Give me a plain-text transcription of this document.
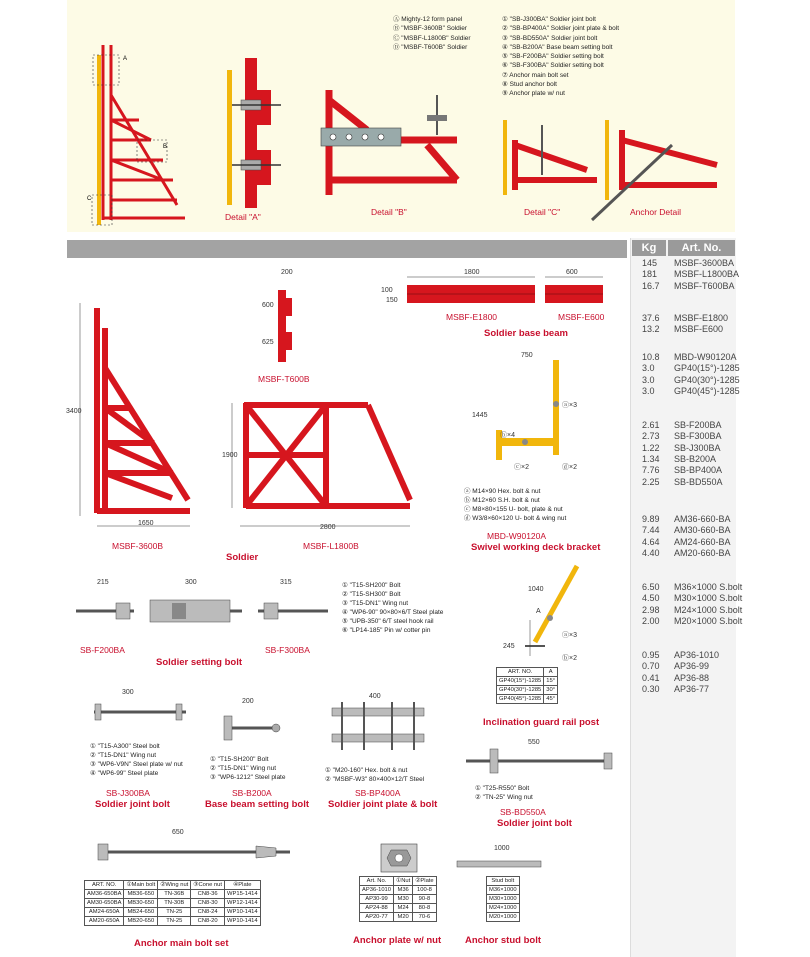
Kg	Art. No.
145	MSBF-3600BA
181	MSBF-L1800BA
16.7	MSBF-T600BA
37.6	MSBF-E1800
13.2	MSBF-E600
10.8	MBD-W90120A
3.0	GP40(15°)-1285
3.0	GP40(30°)-1285
3.0	GP40(45°)-1285
2.61	SB-F200BA
2.73	SB-F300BA
1.22	SB-J300BA
1.34	SB-B200A
7.76	SB-BP400A
2.25	SB-BD550A
9.89	AM36-660-BA
7.44	AM30-660-BA
4.64	AM24-660-BA
4.40	AM20-660-BA
6.50	M36×1000 S.bolt
4.50	M30×1000 S.bolt
2.98	M24×1000 S.bolt
2.00	M20×1000 S.bolt
0.95	AP36-1010
0.70	AP36-99
0.41	AP36-88
0.30	AP36-77
Ⓐ Mighty-12 form panel
Ⓑ "MSBF-3600B" Soldier
Ⓒ "MSBF-L1800B" Soldier
Ⓓ "MSBF-T600B" Soldier
① "SB-J300BA" Soldier joint bolt
② "SB-BP400A" Soldier joint plate & bolt
③ "SB-BD550A" Soldier joint bolt
④ "SB-B200A" Base beam setting bolt
⑤ "SB-F200BA" Soldier setting bolt
⑥ "SB-F300BA" Soldier setting bolt
⑦ Anchor main bolt set
⑧ Stud anchor bolt
⑨ Anchor plate w/ nut
A
B
C
Detail "A"	Detail "B"	Detail "C"	Anchor Detail
3400
1650
MSBF-3600B
200
600
625
MSBF-T600B
1900
2800
MSBF-L1800B
Soldier
1800	600
100
150
MSBF-E1800	MSBF-E600
Soldier base beam
750
1445
ⓐ×3
ⓑ×4
ⓒ×2	ⓓ×2
ⓐ M14×90 Hex. bolt & nut
ⓑ M12×60 S.H. bolt & nut
ⓒ M8×80×155 U- bolt, plate & nut
ⓓ W3/8×60×120 U- bolt & wing nut
MBD-W90120A
Swivel working deck bracket
215	300	315	① "T15-SH200" Bolt
② "T15-SH300" Bolt
③ "T15-DN1" Wing nut
④ "WP6-90" 90×80×6/T Steel plate
⑤ "UPB-350" 6/T steel hook rail
⑥ "LP14-185" Pin w/ cotter pin
SB-F200BA	SB-F300BA
Soldier setting bolt
1040
A
245
ⓐ×3
ⓑ×2
ART. NO.	A
GP40(15°)-1285	15°
GP40(30°)-1285	30°
GP40(45°)-1285	45°
Inclination guard rail post
300
① "T15-A300" Steel bolt
② "T15-DN1" Wing nut
③ "WP6-V9N" Steel plate w/ nut
④ "WP6-99" Steel plate
SB-J300BA
Soldier joint bolt
200
① "T15-SH200" Bolt
② "T15-DN1" Wing nut
③ "WP6-1212" Steel plate
SB-B200A
Base beam setting bolt
400
① "M20-160" Hex. bolt & nut
② "MSBF-W3" 80×400×12/T Steel
SB-BP400A
Soldier joint plate & bolt
550
① "T25-R550" Bolt
② "TN-25" Wing nut
SB-BD550A
Soldier joint bolt
650
ART. NO.	①Main bolt	②Wing nut	③Cone nut	④Plate
AM36-650BA	MB36-650	TN-36B	CN8-36	WP15-1414
AM30-650BA	MB30-650	TN-30B	CN8-30	WP12-1414
AM24-650A	MB24-650	TN-25	CN8-24	WP10-1414
AM20-650A	MB20-650	TN-25	CN8-20	WP10-1414
Anchor main bolt set
Art. No.	①Nut	②Plate
AP36-1010	M36	100-8
AP30-99	M30	90-8
AP24-88	M24	80-8
AP20-77	M20	70-6
Anchor plate w/ nut
1000
Stud bolt
M36×1000
M30×1000
M24×1000
M20×1000
Anchor stud bolt
